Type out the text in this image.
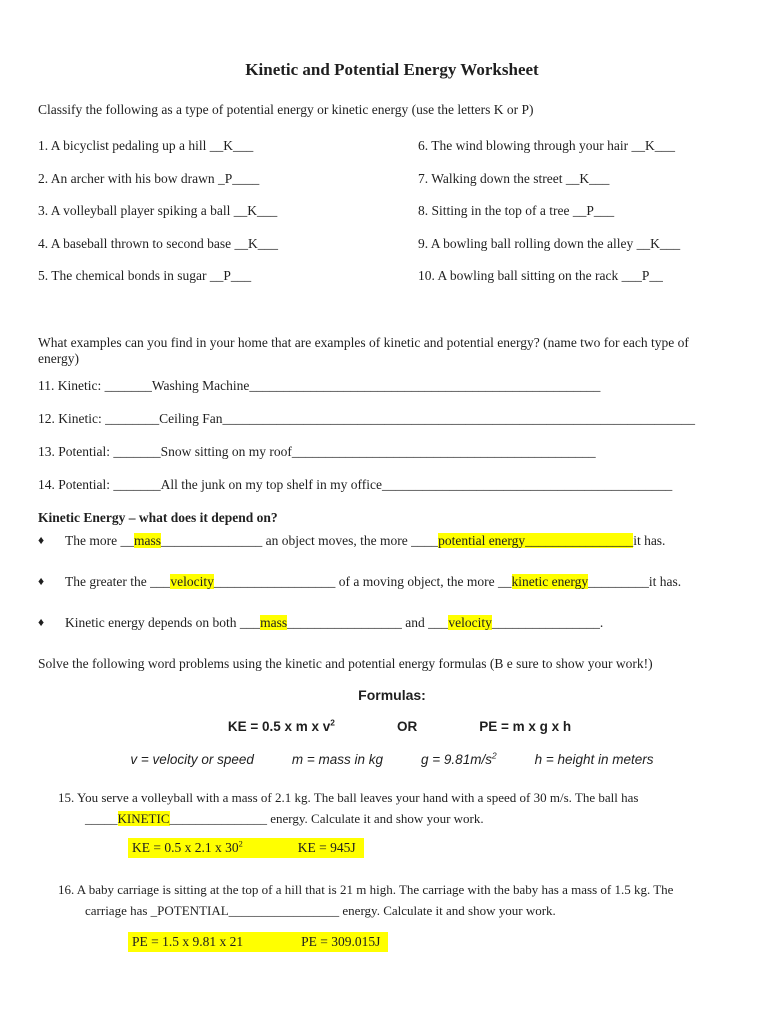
Kinetic and Potential Energy Worksheet
Classify the following as a type of potential energy or kinetic energy (use the letters K or P)
1. A bicyclist pedaling up a hill __K___
2. An archer with his bow drawn _P____
3. A volleyball player spiking a ball __K___
4. A baseball thrown to second base __K___
5. The chemical bonds in sugar __P___
6. The wind blowing through your hair __K___
7. Walking down the street __K___
8. Sitting in the top of a tree __P___
9. A bowling ball rolling down the alley __K___
10. A bowling ball sitting on the rack ___P__
What examples can you find in your home that are examples of kinetic and potential energy? (name two for each type of
energy)
11. Kinetic: _______Washing Machine____________________________________________________
12. Kinetic: ________Ceiling Fan______________________________________________________________________
13. Potential: _______Snow sitting on my roof_____________________________________________
14. Potential: _______All the junk on my top shelf in my office___________________________________________
Kinetic Energy – what does it depend on?
♦	The more __mass_______________ an object moves, the more ____potential energy________________it has.
♦	The greater the ___velocity__________________ of a moving object, the more __kinetic energy_________it has.
♦	Kinetic energy depends on both ___mass_________________ and ___velocity________________.
Solve the following word problems using the kinetic and potential energy formulas (B e sure to show your work!)
Formulas:
KE = 0.5 x m x $v^2$	OR	PE = m x g x h
v = velocity or speed	m = mass in kg	$g = 9.81m/s^2$	h = height in meters
15. You serve a volleyball with a mass of 2.1 kg. The ball leaves your hand with a speed of 30 m/s. The ball has
_____KINETIC_______________ energy. Calculate it and show your work.
KE = 0.5 x 2.1 x $30^2$	KE = 945J
16. A baby carriage is sitting at the top of a hill that is 21 m high. The carriage with the baby has a mass of 1.5 kg. The
carriage has _POTENTIAL_________________ energy. Calculate it and show your work.
PE = 1.5 x 9.81 x 21	PE = 309.015J
